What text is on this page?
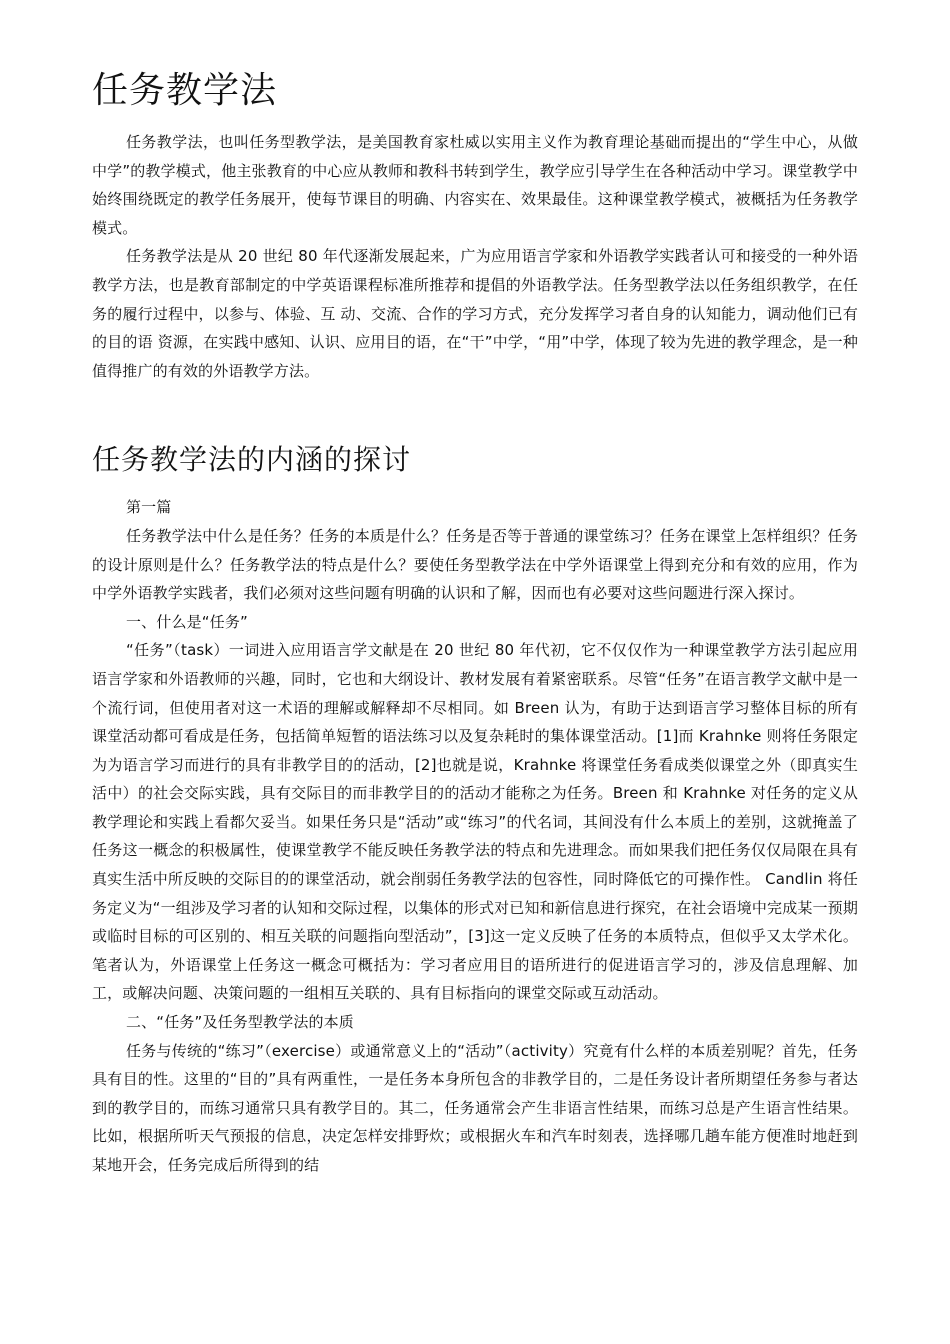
任务教学法

任务教学法，也叫任务型教学法，是美国教育家杜威以实用主义作为教育理论基础而提出的“学生中心，从做中学”的教学模式，他主张教育的中心应从教师和教科书转到学生，教学应引导学生在各种活动中学习。课堂教学中始终围绕既定的教学任务展开，使每节课目的明确、内容实在、效果最佳。这种课堂教学模式，被概括为任务教学模式。

任务教学法是从 20 世纪 80 年代逐渐发展起来，广为应用语言学家和外语教学实践者认可和接受的一种外语教学方法，也是教育部制定的中学英语课程标准所推荐和提倡的外语教学法。任务型教学法以任务组织教学，在任务的履行过程中，以参与、体验、互 动、交流、合作的学习方式，充分发挥学习者自身的认知能力，调动他们已有的目的语 资源，在实践中感知、认识、应用目的语，在“干”中学，“用”中学，体现了较为先进的教学理念，是一种值得推广的有效的外语教学方法。

任务教学法的内涵的探讨

第一篇

任务教学法中什么是任务？任务的本质是什么？任务是否等于普通的课堂练习？任务在课堂上怎样组织？任务的设计原则是什么？任务教学法的特点是什么？要使任务型教学法在中学外语课堂上得到充分和有效的应用，作为中学外语教学实践者，我们必须对这些问题有明确的认识和了解，因而也有必要对这些问题进行深入探讨。

一、什么是“任务”

“任务”（task）一词进入应用语言学文献是在 20 世纪 80 年代初，它不仅仅作为一种课堂教学方法引起应用语言学家和外语教师的兴趣，同时，它也和大纲设计、教材发展有着紧密联系。尽管“任务”在语言教学文献中是一个流行词，但使用者对这一术语的理解或解释却不尽相同。如 Breen 认为，有助于达到语言学习整体目标的所有课堂活动都可看成是任务，包括简单短暂的语法练习以及复杂耗时的集体课堂活动。[1]而 Krahnke 则将任务限定为为语言学习而进行的具有非教学目的的活动，[2]也就是说，Krahnke 将课堂任务看成类似课堂之外（即真实生活中）的社会交际实践，具有交际目的而非教学目的的活动才能称之为任务。Breen 和 Krahnke 对任务的定义从教学理论和实践上看都欠妥当。如果任务只是“活动”或“练习”的代名词，其间没有什么本质上的差别，这就掩盖了任务这一概念的积极属性，使课堂教学不能反映任务教学法的特点和先进理念。而如果我们把任务仅仅局限在具有真实生活中所反映的交际目的的课堂活动，就会削弱任务教学法的包容性，同时降低它的可操作性。 Candlin 将任务定义为“一组涉及学习者的认知和交际过程，以集体的形式对已知和新信息进行探究，在社会语境中完成某一预期或临时目标的可区别的、相互关联的问题指向型活动”，[3]这一定义反映了任务的本质特点，但似乎又太学术化。笔者认为，外语课堂上任务这一概念可概括为：学习者应用目的语所进行的促进语言学习的，涉及信息理解、加工，或解决问题、决策问题的一组相互关联的、具有目标指向的课堂交际或互动活动。

二、“任务”及任务型教学法的本质

任务与传统的“练习”（exercise）或通常意义上的“活动”（activity）究竟有什么样的本质差别呢？首先，任务具有目的性。这里的“目的”具有两重性，一是任务本身所包含的非教学目的，二是任务设计者所期望任务参与者达到的教学目的，而练习通常只具有教学目的。其二，任务通常会产生非语言性结果，而练习总是产生语言性结果。比如，根据所听天气预报的信息，决定怎样安排野炊；或根据火车和汽车时刻表，选择哪几趟车能方便准时地赶到某地开会，任务完成后所得到的结
